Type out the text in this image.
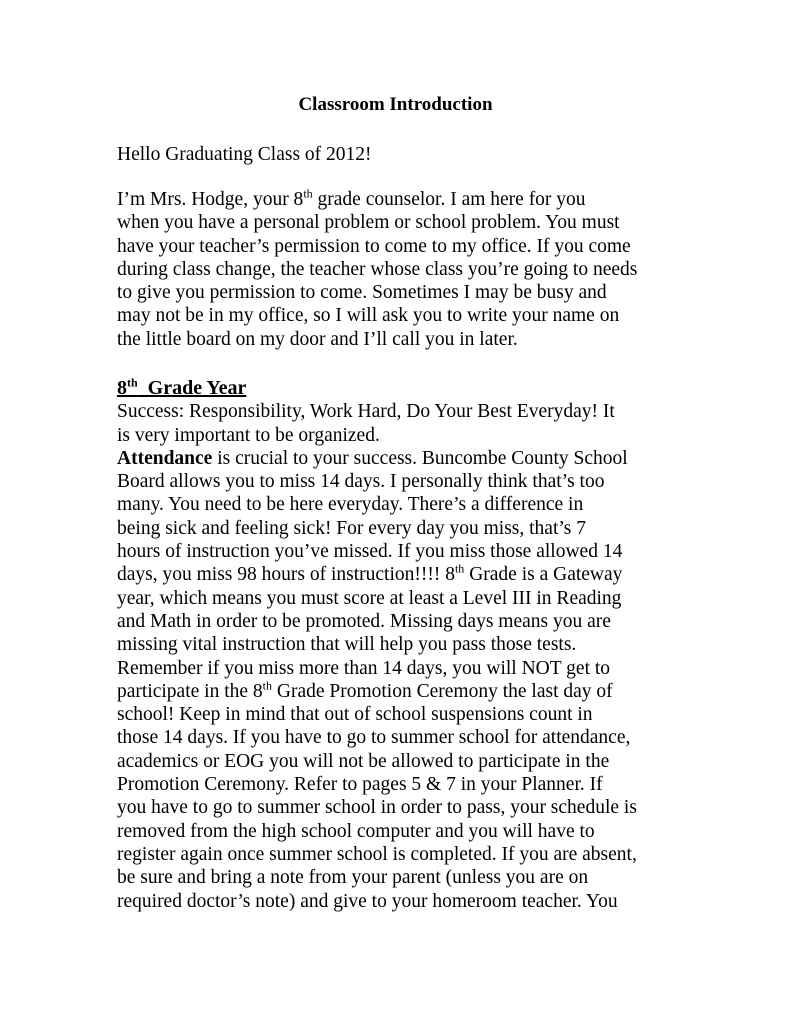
Classroom Introduction

Hello Graduating Class of 2012!

I’m Mrs. Hodge, your 8th grade counselor. I am here for you
when you have a personal problem or school problem. You must
have your teacher’s permission to come to my office. If you come
during class change, the teacher whose class you’re going to needs
to give you permission to come. Sometimes I may be busy and
may not be in my office, so I will ask you to write your name on
the little board on my door and I’ll call you in later.

8th  Grade Year
Success: Responsibility, Work Hard, Do Your Best Everyday! It
is very important to be organized.
Attendance is crucial to your success. Buncombe County School
Board allows you to miss 14 days. I personally think that’s too
many. You need to be here everyday. There’s a difference in
being sick and feeling sick! For every day you miss, that’s 7
hours of instruction you’ve missed. If you miss those allowed 14
days, you miss 98 hours of instruction!!!! 8th Grade is a Gateway
year, which means you must score at least a Level III in Reading
and Math in order to be promoted. Missing days means you are
missing vital instruction that will help you pass those tests.
Remember if you miss more than 14 days, you will NOT get to
participate in the 8th Grade Promotion Ceremony the last day of
school! Keep in mind that out of school suspensions count in
those 14 days. If you have to go to summer school for attendance,
academics or EOG you will not be allowed to participate in the
Promotion Ceremony. Refer to pages 5 & 7 in your Planner. If
you have to go to summer school in order to pass, your schedule is
removed from the high school computer and you will have to
register again once summer school is completed. If you are absent,
be sure and bring a note from your parent (unless you are on
required doctor’s note) and give to your homeroom teacher. You
